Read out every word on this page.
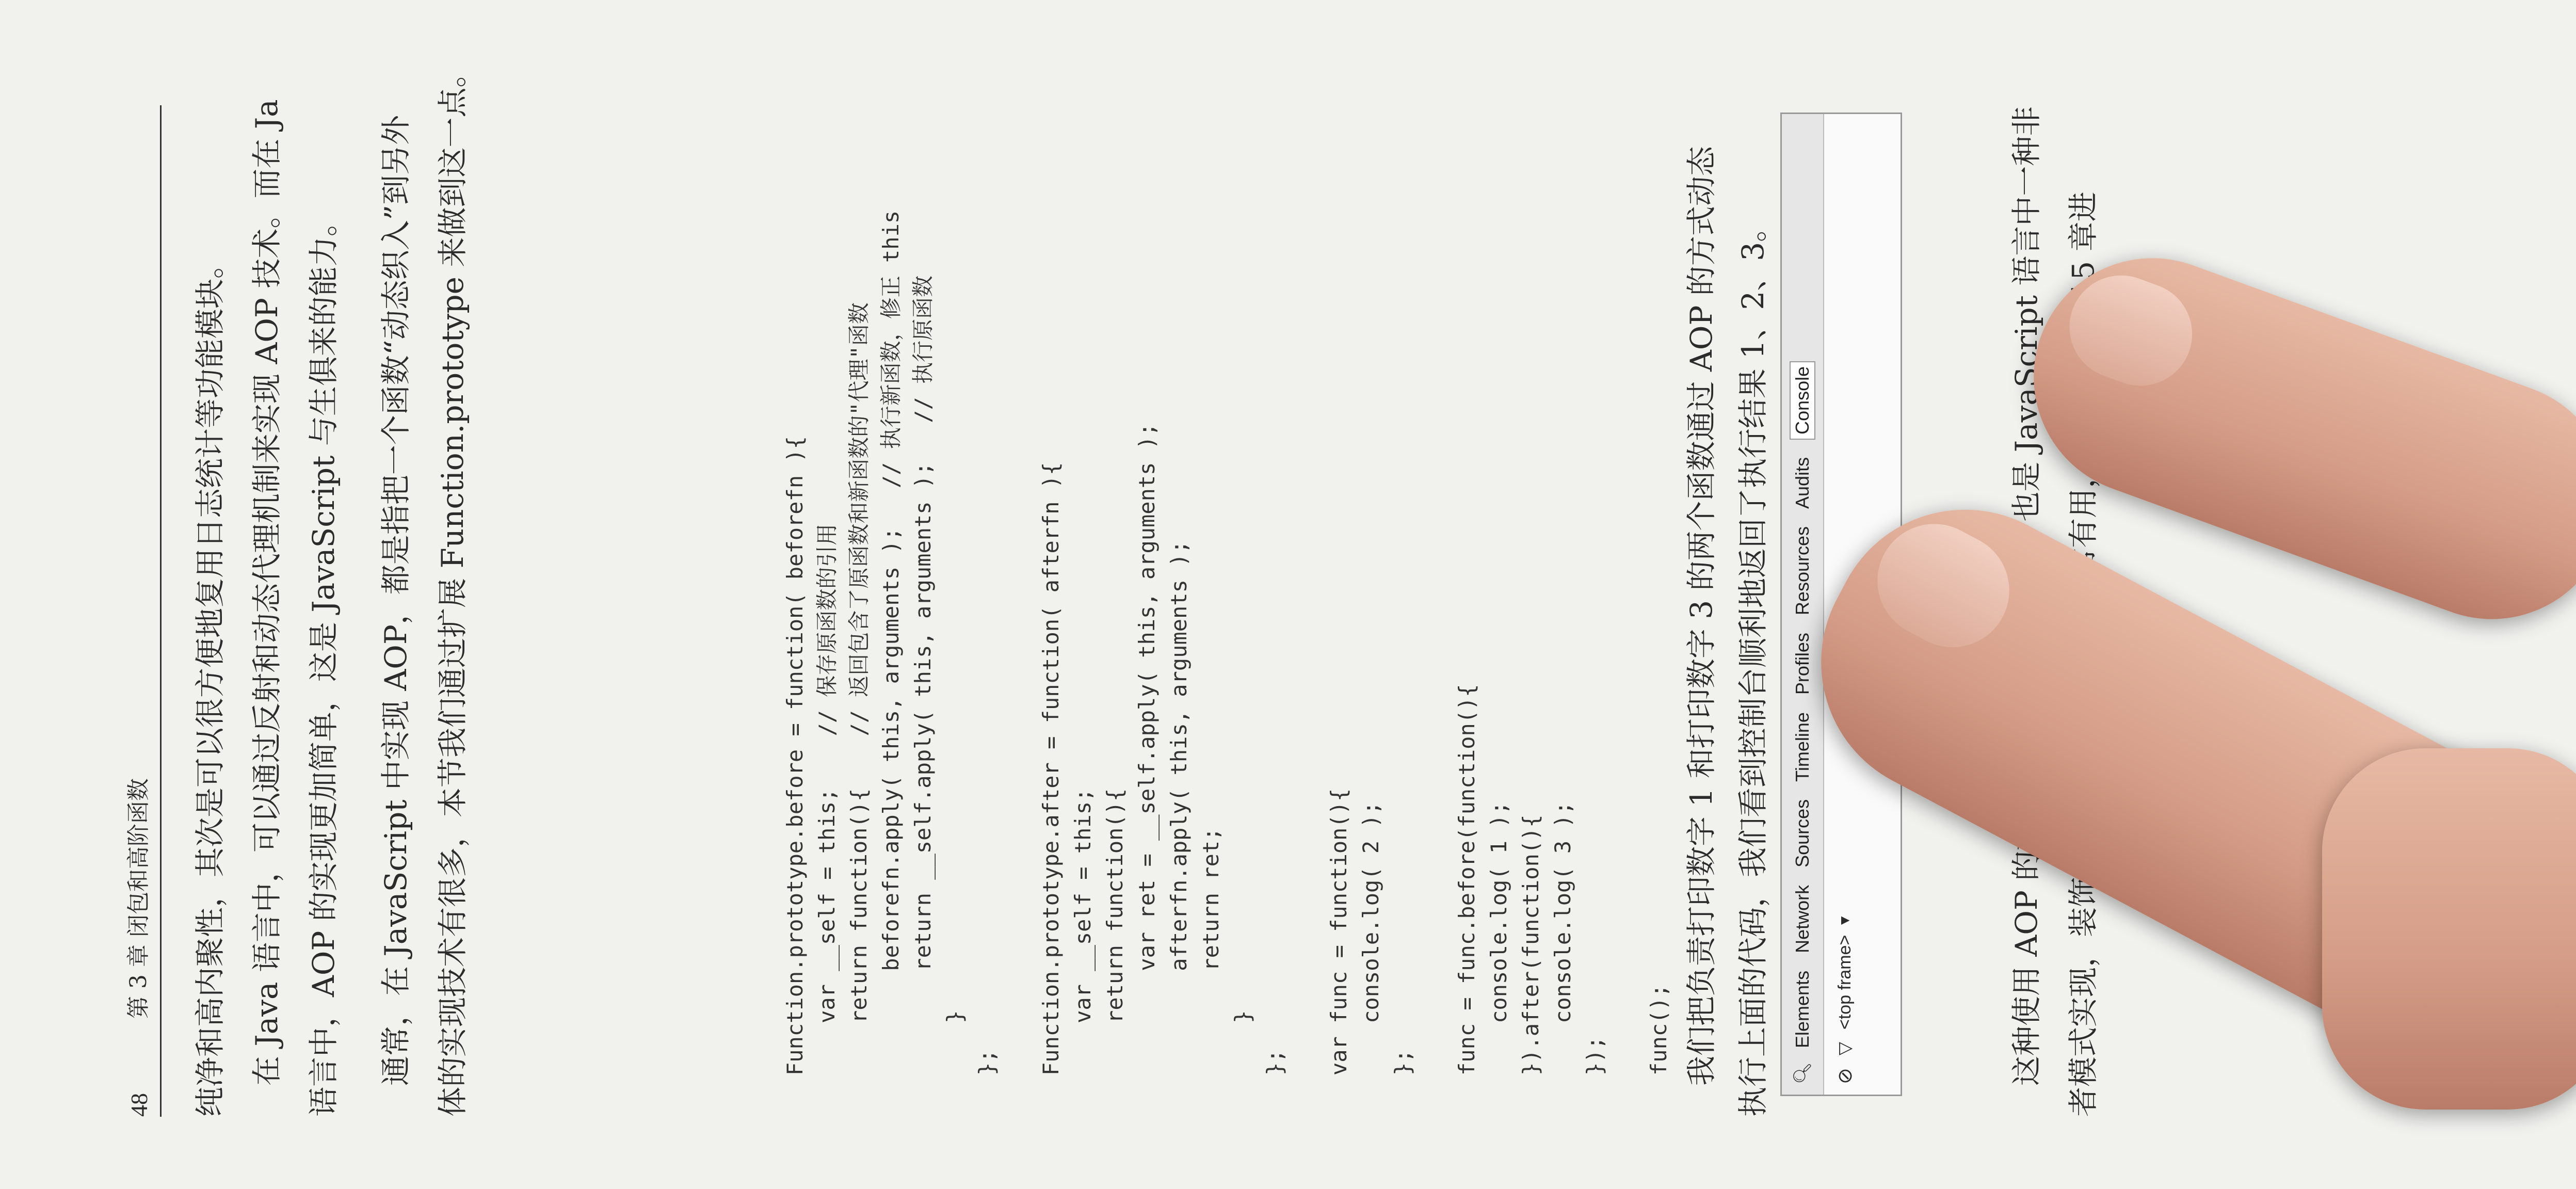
48
第 3 章 闭包和高阶函数 纯净和高内聚性，其次是可以很方便地复用日志统计等功能模块。 在 Java 语言中，可以通过反射和动态代理机制来实现 AOP 技术。而在 Ja 语言中，AOP 的实现更加简单，这是 JavaScript 与生俱来的能力。 通常，在 JavaScript 中实现 AOP，都是指把一个函数“动态织入”到另外 体的实现技术有很多，本节我们通过扩展 Function.prototype 来做到这一点。	Function.prototype.before = function( beforefn ){
var __self = this;    // 保存原函数的引用
return function(){    // 返回包含了原函数和新函数的"代理"函数
beforefn.apply( this, arguments );   // 执行新函数，修正 this
return __self.apply( this, arguments );   // 执行原函数
} }; Function.prototype.after = function( afterfn ){
var __self = this;
return function(){
var ret = __self.apply( this, arguments );
afterfn.apply( this, arguments );
return ret;
} }; var func = function(){
console.log( 2 ); }; func = func.before(function(){
console.log( 1 ); }).after(function(){
console.log( 3 ); }); func(); 我们把负责打印数字 1 和打印数字 3 的两个函数通过 AOP 的方式动态 执行上面的代码，我们看到控制台顺利地返回了执行结果 1、2、3。 🔍︎
Elements
Network
Sources
Timeline
Profiles
Resources
Audits
Console
⊘
▽
<top frame>
▼
